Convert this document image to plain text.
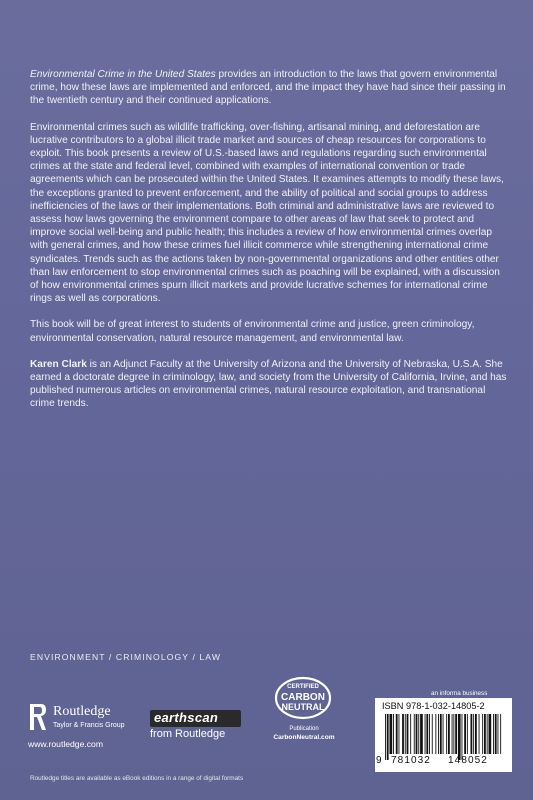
Environmental Crime in the United States provides an introduction to the laws that govern environmental crime, how these laws are implemented and enforced, and the impact they have had since their passing in the twentieth century and their continued applications.

Environmental crimes such as wildlife trafficking, over-fishing, artisanal mining, and deforestation are lucrative contributors to a global illicit trade market and sources of cheap resources for corporations to exploit. This book presents a review of U.S.-based laws and regulations regarding such environmental crimes at the state and federal level, combined with examples of international convention or trade agreements which can be prosecuted within the United States. It examines attempts to modify these laws, the exceptions granted to prevent enforcement, and the ability of political and social groups to address inefficiencies of the laws or their implementations. Both criminal and administrative laws are reviewed to assess how laws governing the environment compare to other areas of law that seek to protect and improve social well-being and public health; this includes a review of how environmental crimes overlap with general crimes, and how these crimes fuel illicit commerce while strengthening international crime syndicates. Trends such as the actions taken by non-governmental organizations and other entities other than law enforcement to stop environmental crimes such as poaching will be explained, with a discussion of how environmental crimes spurn illicit markets and provide lucrative schemes for international crime rings as well as corporations.

This book will be of great interest to students of environmental crime and justice, green criminology, environmental conservation, natural resource management, and environmental law.

Karen Clark is an Adjunct Faculty at the University of Arizona and the University of Nebraska, U.S.A. She earned a doctorate degree in criminology, law, and society from the University of California, Irvine, and has published numerous articles on environmental crimes, natural resource exploitation, and transnational crime trends.

ENVIRONMENT / CRIMINOLOGY / LAW
Routledge
Taylor & Francis Group
www.routledge.com
earthscan
from Routledge
CERTIFIED
CARBON
NEUTRAL
Publication
CarbonNeutral.com
an informa business
ISBN 978-1-032-14805-2
9 781032 148052
Routledge titles are available as eBook editions in a range of digital formats
